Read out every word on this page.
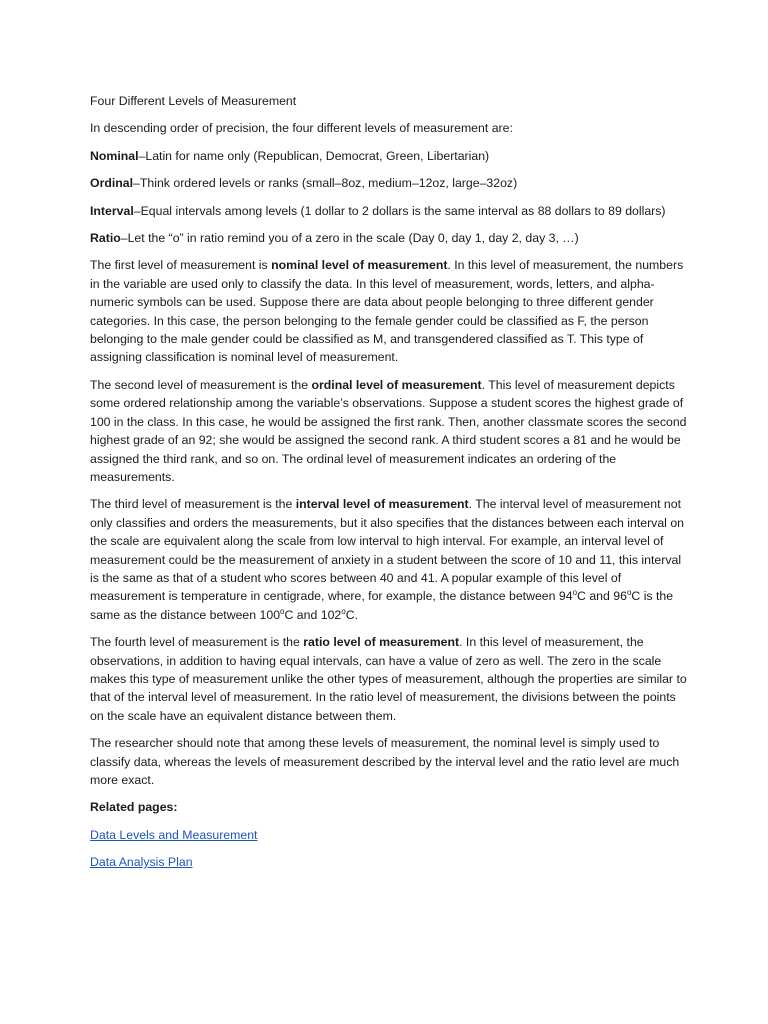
Four Different Levels of Measurement

In descending order of precision, the four different levels of measurement are:

Nominal–Latin for name only (Republican, Democrat, Green, Libertarian)

Ordinal–Think ordered levels or ranks (small–8oz, medium–12oz, large–32oz)

Interval–Equal intervals among levels (1 dollar to 2 dollars is the same interval as 88 dollars to 89 dollars)

Ratio–Let the “o” in ratio remind you of a zero in the scale (Day 0, day 1, day 2, day 3, …)

The first level of measurement is nominal level of measurement. In this level of measurement, the numbers in the variable are used only to classify the data. In this level of measurement, words, letters, and alpha-numeric symbols can be used. Suppose there are data about people belonging to three different gender categories. In this case, the person belonging to the female gender could be classified as F, the person belonging to the male gender could be classified as M, and transgendered classified as T. This type of assigning classification is nominal level of measurement.

The second level of measurement is the ordinal level of measurement. This level of measurement depicts some ordered relationship among the variable’s observations. Suppose a student scores the highest grade of 100 in the class. In this case, he would be assigned the first rank. Then, another classmate scores the second highest grade of an 92; she would be assigned the second rank. A third student scores a 81 and he would be assigned the third rank, and so on. The ordinal level of measurement indicates an ordering of the measurements.

The third level of measurement is the interval level of measurement. The interval level of measurement not only classifies and orders the measurements, but it also specifies that the distances between each interval on the scale are equivalent along the scale from low interval to high interval. For example, an interval level of measurement could be the measurement of anxiety in a student between the score of 10 and 11, this interval is the same as that of a student who scores between 40 and 41. A popular example of this level of measurement is temperature in centigrade, where, for example, the distance between 94$^o$C and 96$^o$C is the same as the distance between 100$^o$C and 102$^o$C.

The fourth level of measurement is the ratio level of measurement. In this level of measurement, the observations, in addition to having equal intervals, can have a value of zero as well. The zero in the scale makes this type of measurement unlike the other types of measurement, although the properties are similar to that of the interval level of measurement. In the ratio level of measurement, the divisions between the points on the scale have an equivalent distance between them.

The researcher should note that among these levels of measurement, the nominal level is simply used to classify data, whereas the levels of measurement described by the interval level and the ratio level are much more exact.

Related pages:

Data Levels and Measurement

Data Analysis Plan
